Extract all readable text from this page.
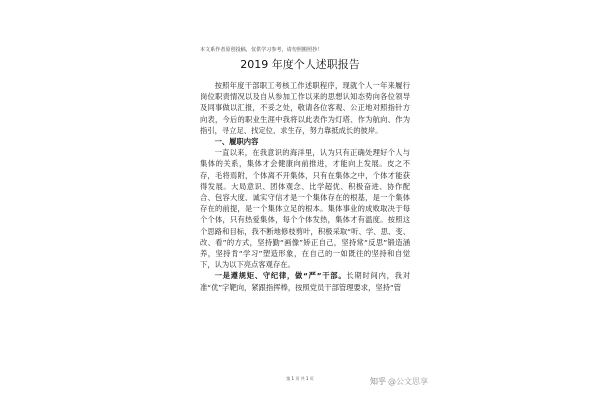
本文系作者原创投稿，仅供学习参考，请勿照搬照抄！
2019 年度个人述职报告

按照年度干部职工考核工作述职程序，现就个人一年来履行岗位职责情况以及自从参加工作以来的思想认知态势向各位领导及同事做以汇报，不妥之处，敬请各位客观、公正地对照指针方向表，今后的职业生涯中我将以此表作为灯塔、作为航向、作为指引，寻立足、找定位、求生存，努力靠抵成长的彼岸。

一、履职内容

一直以来，在我意识的海洋里，认为只有正确处理好个人与集体的关系，集体才会健康向前推进，才能向上发展。皮之不存，毛将焉附，个体离不开集体，只有在集体之中，个体才能获得发展。大局意识、团体观念、比学超优、积极奋进、协作配合、包容大度、诚实守信才是一个集体存在的根基，是一个集体存在的前提，是一个集体立足的根本。集体事业的成败取决于每个个体，只有热爱集体，每个个体发热，集体才有温度。按照这个思路和目标，我不断地修枝剪叶，积极采取“听、学、思、变、改、看”的方式，坚持勤“画像”矫正自己，坚持常“反思”锻造涵养，坚持肯“学习”塑造形象，在自己的一如既往的坚持和自觉下，认为以下亮点客观存在。

一是遵规矩、守纪律，做“严”干部。长期时间内，我对准“优”字靶向，紧跟指挥棒，按照党员干部管理要求，坚持“管

第 1 页 共 1 页	知乎 @公文思享
